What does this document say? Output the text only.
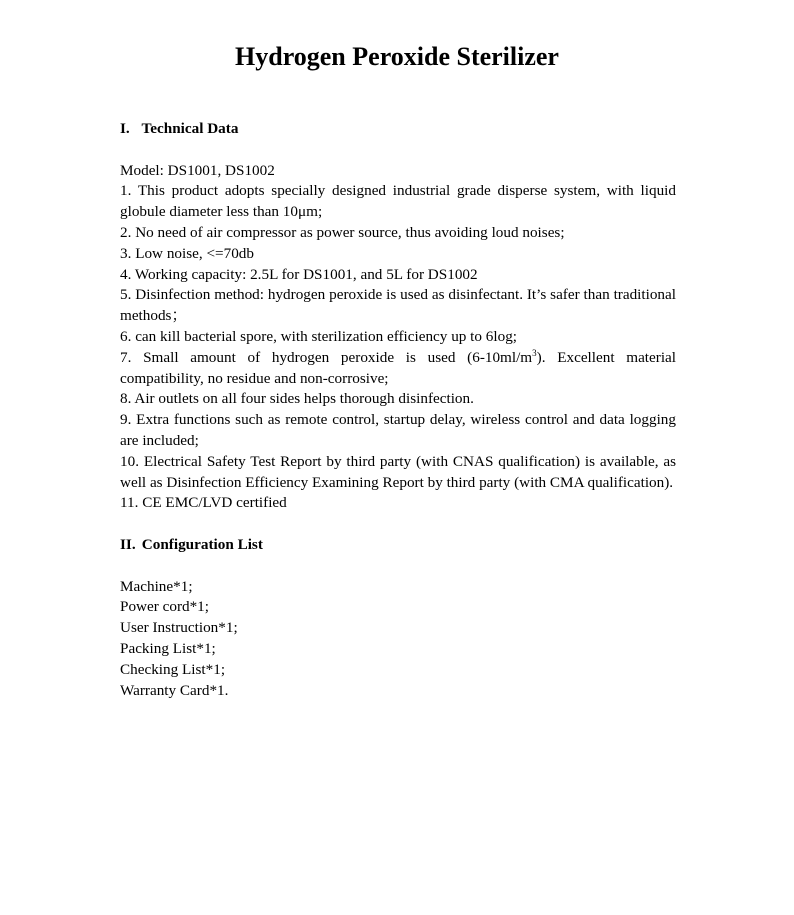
Hydrogen Peroxide Sterilizer
I. Technical Data

Model: DS1001, DS1002

1. This product adopts specially designed industrial grade disperse system, with liquid globule diameter less than 10μm;

2. No need of air compressor as power source, thus avoiding loud noises;

3. Low noise, <=70db

4. Working capacity: 2.5L for DS1001, and 5L for DS1002

5. Disinfection method: hydrogen peroxide is used as disinfectant. It’s safer than traditional methods；

6. can kill bacterial spore, with sterilization efficiency up to 6log;

7. Small amount of hydrogen peroxide is used $(6-10ml/m^3)$. Excellent material compatibility, no residue and non-corrosive;

8. Air outlets on all four sides helps thorough disinfection.

9. Extra functions such as remote control, startup delay, wireless control and data logging are included;

10. Electrical Safety Test Report by third party (with CNAS qualification) is available, as well as Disinfection Efficiency Examining Report by third party (with CMA qualification).

11. CE EMC/LVD certified

II. Configuration List
Machine*1;
Power cord*1;
User Instruction*1;
Packing List*1;
Checking List*1;
Warranty Card*1.
